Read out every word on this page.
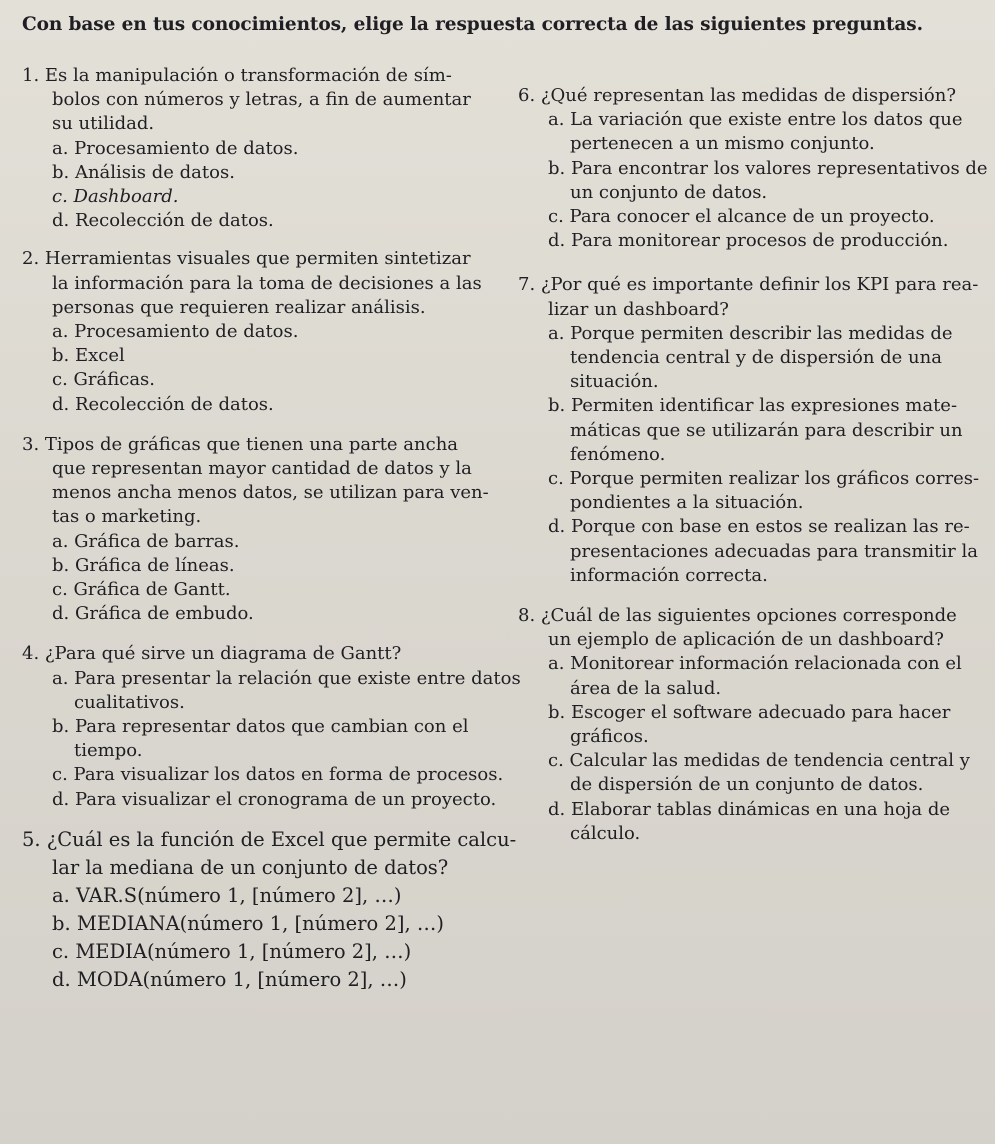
Con base en tus conocimientos, elige la respuesta correcta de las siguientes preguntas.
1. Es la manipulación o transformación de sím-
bolos con números y letras, a fin de aumentar
su utilidad.
a. Procesamiento de datos.
b. Análisis de datos.
c. Dashboard.
d. Recolección de datos.
2. Herramientas visuales que permiten sintetizar
la información para la toma de decisiones a las
personas que requieren realizar análisis.
a. Procesamiento de datos.
b. Excel
c. Gráficas.
d. Recolección de datos.
3. Tipos de gráficas que tienen una parte ancha
que representan mayor cantidad de datos y la
menos ancha menos datos, se utilizan para ven-
tas o marketing.
a. Gráfica de barras.
b. Gráfica de líneas.
c. Gráfica de Gantt.
d. Gráfica de embudo.
4. ¿Para qué sirve un diagrama de Gantt?
a. Para presentar la relación que existe entre datos
cualitativos.
b. Para representar datos que cambian con el
tiempo.
c. Para visualizar los datos en forma de procesos.
d. Para visualizar el cronograma de un proyecto.
5. ¿Cuál es la función de Excel que permite calcu-
lar la mediana de un conjunto de datos?
a. VAR.S(número 1, [número 2], …)
b. MEDIANA(número 1, [número 2], …)
c. MEDIA(número 1, [número 2], …)
d. MODA(número 1, [número 2], …)
6. ¿Qué representan las medidas de dispersión?
a. La variación que existe entre los datos que
pertenecen a un mismo conjunto.
b. Para encontrar los valores representativos de
un conjunto de datos.
c. Para conocer el alcance de un proyecto.
d. Para monitorear procesos de producción.
7. ¿Por qué es importante definir los KPI para rea-
lizar un dashboard?
a. Porque permiten describir las medidas de
tendencia central y de dispersión de una
situación.
b. Permiten identificar las expresiones mate-
máticas que se utilizarán para describir un
fenómeno.
c. Porque permiten realizar los gráficos corres-
pondientes a la situación.
d. Porque con base en estos se realizan las re-
presentaciones adecuadas para transmitir la
información correcta.
8. ¿Cuál de las siguientes opciones corresponde
un ejemplo de aplicación de un dashboard?
a. Monitorear información relacionada con el
área de la salud.
b. Escoger el software adecuado para hacer
gráficos.
c. Calcular las medidas de tendencia central y
de dispersión de un conjunto de datos.
d. Elaborar tablas dinámicas en una hoja de
cálculo.
